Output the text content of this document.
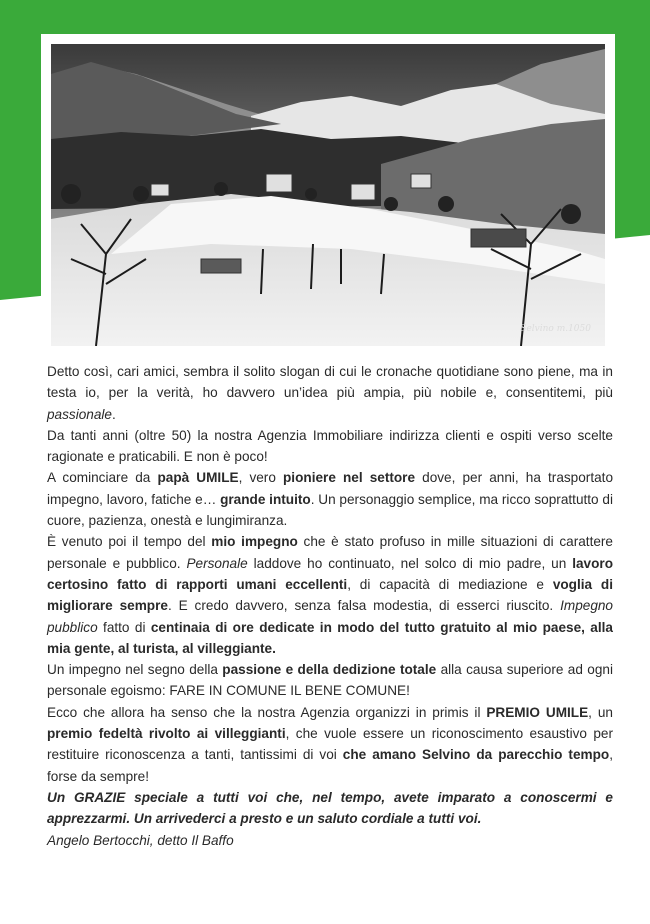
Selvino m.1050

Detto così, cari amici, sembra il solito slogan di cui le cronache quotidiane sono piene, ma in testa io, per la verità, ho davvero un’idea più ampia, più nobile e, consentitemi, più passionale.

Da tanti anni (oltre 50) la nostra Agenzia Immobiliare indirizza clienti e ospiti verso scelte ragionate e praticabili. E non è poco!

A cominciare da papà UMILE, vero pioniere nel settore dove, per anni, ha trasportato impegno, lavoro, fatiche e… grande intuito. Un personaggio semplice, ma ricco soprattutto di cuore, pazienza, onestà e lungimiranza.

È venuto poi il tempo del mio impegno che è stato profuso in mille situazioni di carattere personale e pubblico. Personale laddove ho continuato, nel solco di mio padre, un lavoro certosino fatto di rapporti umani eccellenti, di capacità di mediazione e voglia di migliorare sempre. E credo davvero, senza falsa modestia, di esserci riuscito. Impegno pubblico fatto di centinaia di ore dedicate in modo del tutto gratuito al mio paese, alla mia gente, al turista, al villeggiante.

Un impegno nel segno della passione e della dedizione totale alla causa superiore ad ogni personale egoismo: FARE IN COMUNE IL BENE COMUNE!

Ecco che allora ha senso che la nostra Agenzia organizzi in primis il PREMIO UMILE, un premio fedeltà rivolto ai villeggianti, che vuole essere un riconoscimento esaustivo per restituire riconoscenza a tanti, tantissimi di voi che amano Selvino da parecchio tempo, forse da sempre!

Un GRAZIE speciale a tutti voi che, nel tempo, avete imparato a conoscermi e apprezzarmi. Un arrivederci a presto e un saluto cordiale a tutti voi.

Angelo Bertocchi, detto Il Baffo
